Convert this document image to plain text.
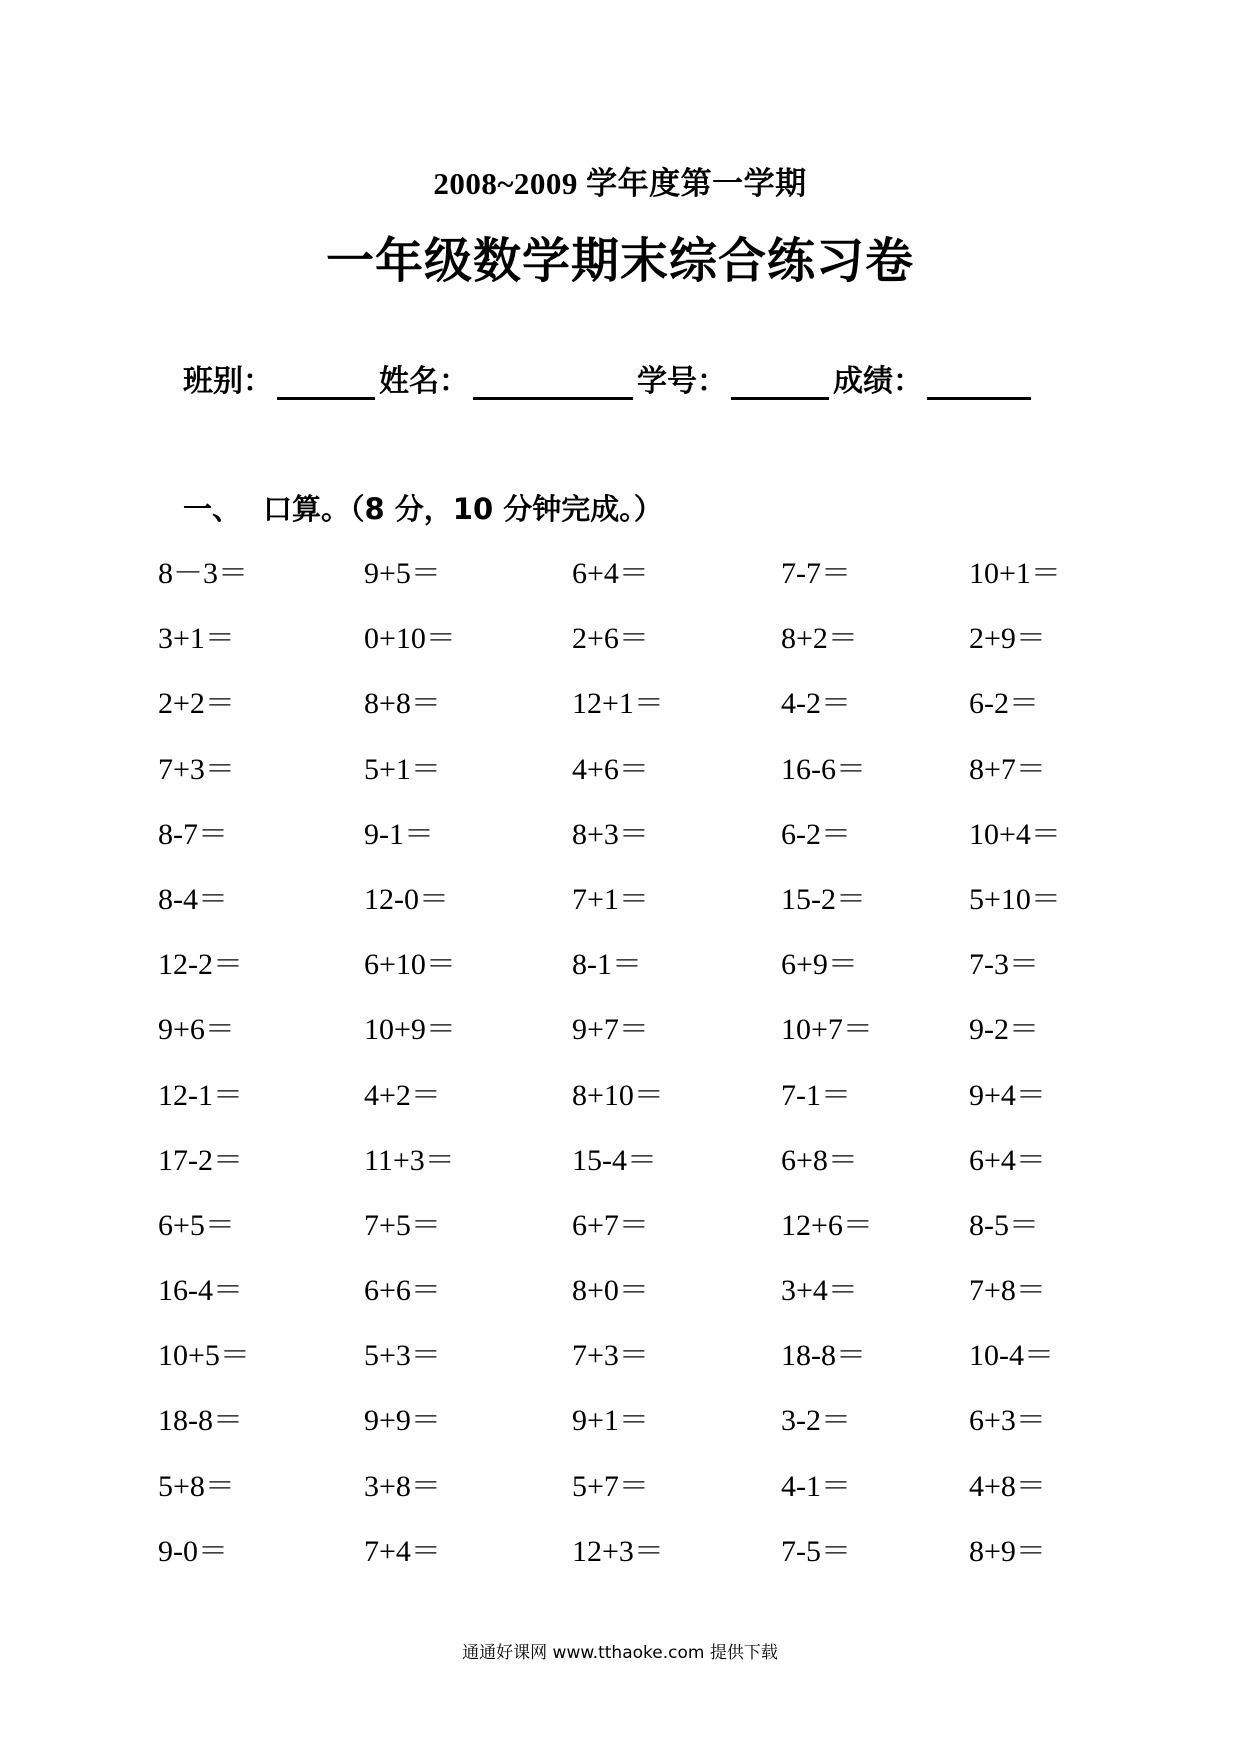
2008~2009 学年度第一学期
一年级数学期末综合练习卷
班别：	姓名：	学号：	成绩：
一、 口算。（8 分，10 分钟完成。）
8－3＝	9+5＝	6+4＝	7-7＝	10+1＝
3+1＝	0+10＝	2+6＝	8+2＝	2+9＝
2+2＝	8+8＝	12+1＝	4-2＝	6-2＝
7+3＝	5+1＝	4+6＝	16-6＝	8+7＝
8-7＝	9-1＝	8+3＝	6-2＝	10+4＝
8-4＝	12-0＝	7+1＝	15-2＝	5+10＝
12-2＝	6+10＝	8-1＝	6+9＝	7-3＝
9+6＝	10+9＝	9+7＝	10+7＝	9-2＝
12-1＝	4+2＝	8+10＝	7-1＝	9+4＝
17-2＝	11+3＝	15-4＝	6+8＝	6+4＝
6+5＝	7+5＝	6+7＝	12+6＝	8-5＝
16-4＝	6+6＝	8+0＝	3+4＝	7+8＝
10+5＝	5+3＝	7+3＝	18-8＝	10-4＝
18-8＝	9+9＝	9+1＝	3-2＝	6+3＝
5+8＝	3+8＝	5+7＝	4-1＝	4+8＝
9-0＝	7+4＝	12+3＝	7-5＝	8+9＝
通通好课网 www.tthaoke.com 提供下载
